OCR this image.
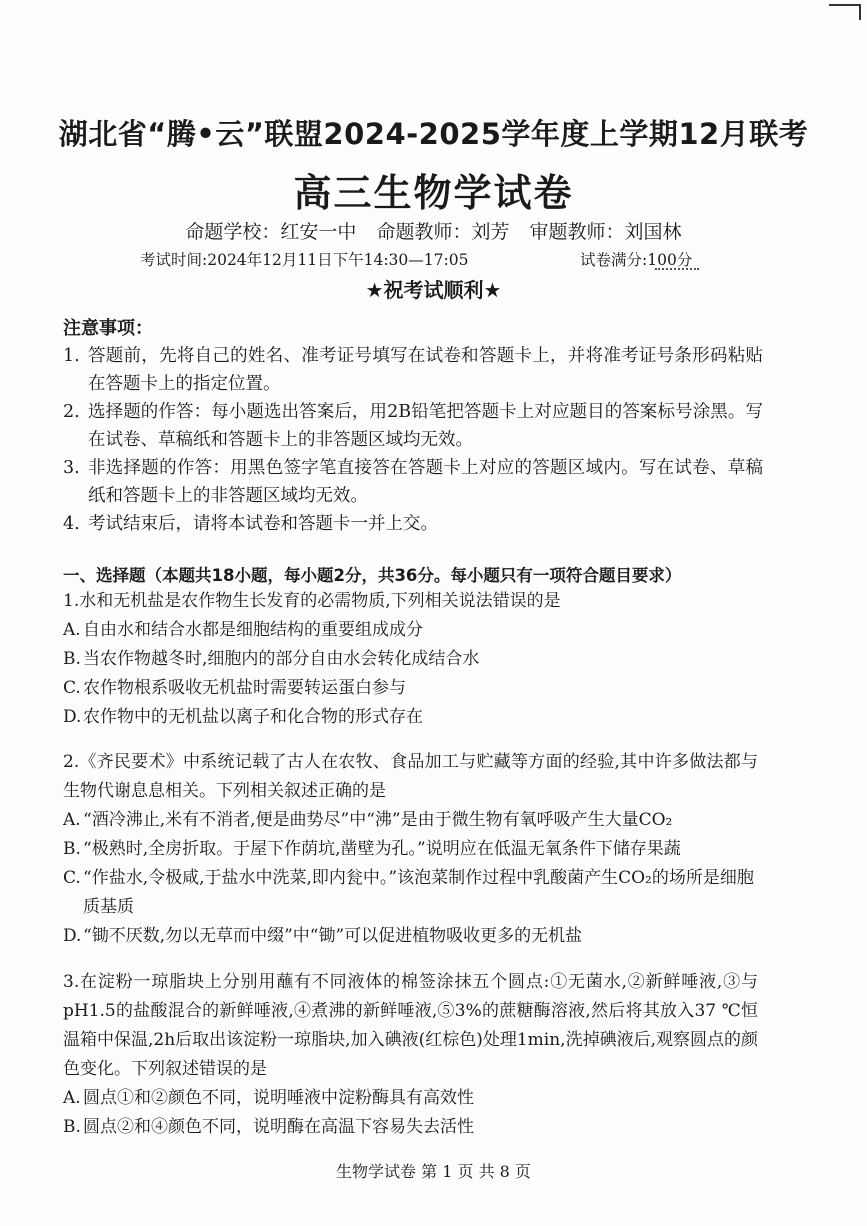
湖北省“腾•云”联盟2024-2025学年度上学期12月联考
高三生物学试卷
命题学校：红安一中 命题教师：刘芳 审题教师：刘国林
考试时间:2024年12月11日下午14:30—17:05	试卷满分:100分
★祝考试顺利★
注意事项：
1. 答题前，先将自己的姓名、准考证号填写在试卷和答题卡上，并将准考证号条形码粘贴在答题卡上的指定位置。
2. 选择题的作答：每小题选出答案后，用2B铅笔把答题卡上对应题目的答案标号涂黑。写在试卷、草稿纸和答题卡上的非答题区域均无效。
3. 非选择题的作答：用黑色签字笔直接答在答题卡上对应的答题区域内。写在试卷、草稿纸和答题卡上的非答题区域均无效。
4. 考试结束后，请将本试卷和答题卡一并上交。
一、选择题（本题共18小题，每小题2分，共36分。每小题只有一项符合题目要求）

1.水和无机盐是农作物生长发育的必需物质,下列相关说法错误的是

A. 自由水和结合水都是细胞结构的重要组成成分
B. 当农作物越冬时,细胞内的部分自由水会转化成结合水
C. 农作物根系吸收无机盐时需要转运蛋白参与
D. 农作物中的无机盐以离子和化合物的形式存在

2.《齐民要术》中系统记载了古人在农牧、食品加工与贮藏等方面的经验,其中许多做法都与生物代谢息息相关。下列相关叙述正确的是

A. “酒冷沸止,米有不消者,便是曲势尽”中“沸”是由于微生物有氧呼吸产生大量CO₂
B. “极熟时,全房折取。于屋下作荫坑,凿壁为孔。”说明应在低温无氧条件下储存果蔬
C. “作盐水,令极咸,于盐水中洗菜,即内瓮中。”该泡菜制作过程中乳酸菌产生CO₂的场所是细胞质基质
D. “锄不厌数,勿以无草而中缀”中“锄”可以促进植物吸收更多的无机盐

3.在淀粉一琼脂块上分别用蘸有不同液体的棉签涂抹五个圆点:①无菌水,②新鲜唾液,③与pH1.5的盐酸混合的新鲜唾液,④煮沸的新鲜唾液,⑤3%的蔗糖酶溶液,然后将其放入37 ℃恒温箱中保温,2h后取出该淀粉一琼脂块,加入碘液(红棕色)处理1min,洗掉碘液后,观察圆点的颜色变化。下列叙述错误的是

A. 圆点①和②颜色不同，说明唾液中淀粉酶具有高效性
B. 圆点②和④颜色不同，说明酶在高温下容易失去活性
生物学试卷 第 1 页 共 8 页
